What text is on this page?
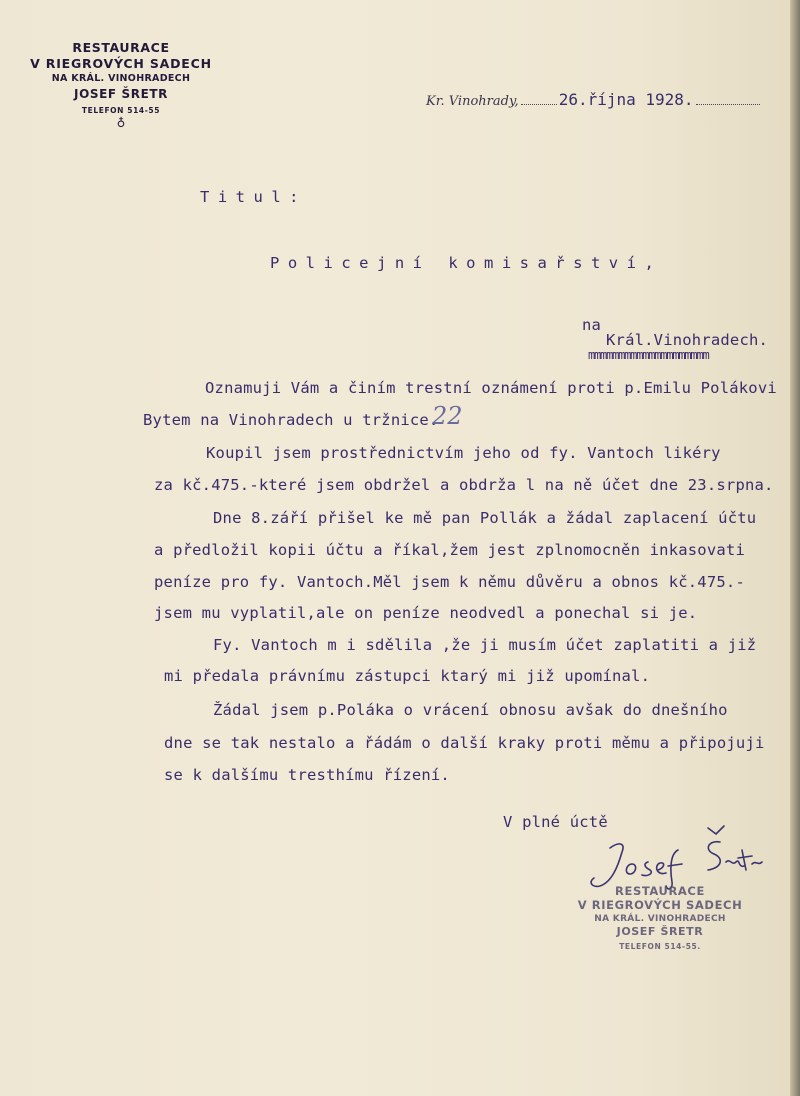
RESTAURACE
V RIEGROVÝCH SADECH
NA KRÁL. VINOHRADECH
JOSEF ŠRETR
TELEFON 514-55
♁
Kr. Vinohrady,	26.října 1928.
Titul:
Policejní komisařství,
na
Král.Vinohradech.
mmmmmmmmmmmmmmmmmmmm
Oznamuji Vám a činím trestní oznámení proti p.Emilu Polákovi
Bytem na Vinohradech u tržnice.
22
Koupil jsem prostřednictvím jeho od fy. Vantoch likéry
za kč.475.-které jsem obdržel a obdrža l na ně účet dne 23.srpna.
Dne 8.září přišel ke mě pan Pollák a žádal zaplacení účtu
a předložil kopii účtu a říkal,žem jest zplnomocněn inkasovati
peníze pro fy. Vantoch.Měl jsem k němu důvěru a obnos kč.475.-
jsem mu vyplatil,ale on peníze neodvedl a ponechal si je.
Fy. Vantoch m i sdělila ,že ji musím účet zaplatiti a již
mi předala právnímu zástupci ktarý mi již upomínal.
Žádal jsem p.Poláka o vrácení obnosu avšak do dnešního
dne se tak nestalo a řádám o další kraky proti měmu a připojuji
se k dalšímu tresthímu řízení.
V plné úctě
RESTAURACE
V RIEGROVÝCH SADECH
NA KRÁL. VINOHRADECH
JOSEF ŠRETR
TELEFON 514-55.
